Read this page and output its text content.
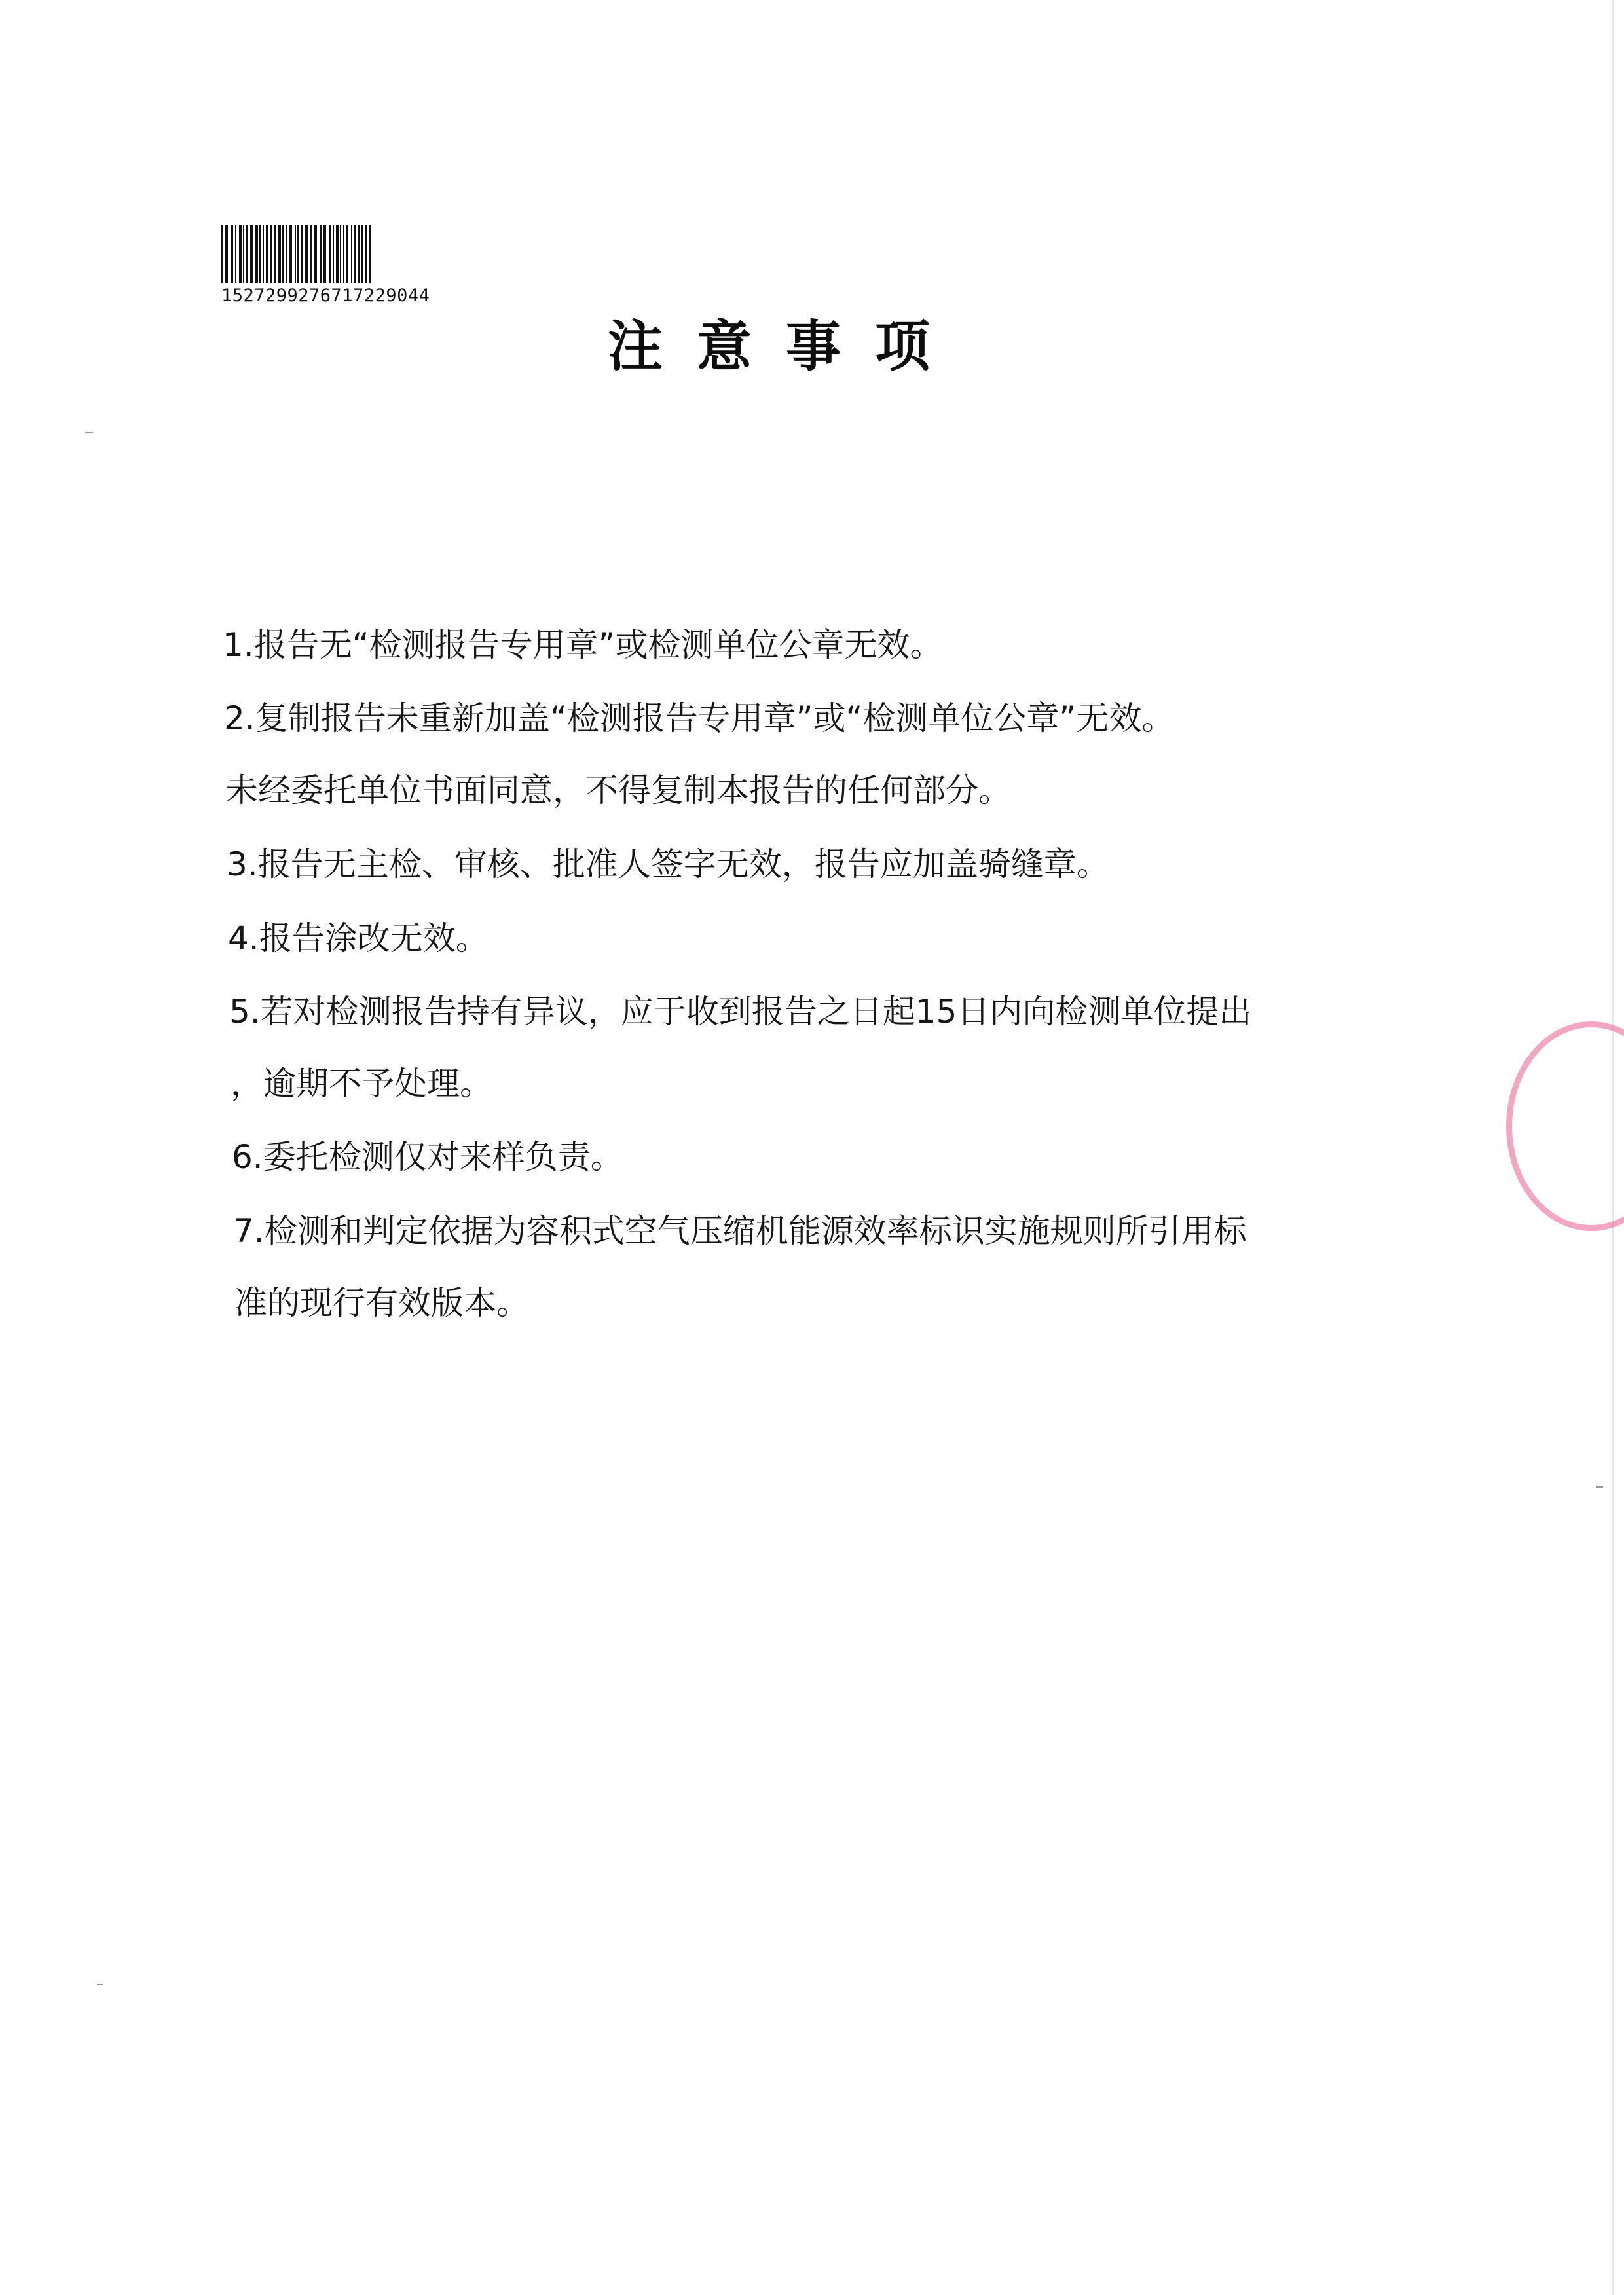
1527299276717229044
注意事项
1.报告无“检测报告专用章”或检测单位公章无效。
2.复制报告未重新加盖“检测报告专用章”或“检测单位公章”无效。
未经委托单位书面同意，不得复制本报告的任何部分。
3.报告无主检、审核、批准人签字无效，报告应加盖骑缝章。
4.报告涂改无效。
5.若对检测报告持有异议，应于收到报告之日起15日内向检测单位提出
，逾期不予处理。
6.委托检测仅对来样负责。
7.检测和判定依据为容积式空气压缩机能源效率标识实施规则所引用标
准的现行有效版本。
